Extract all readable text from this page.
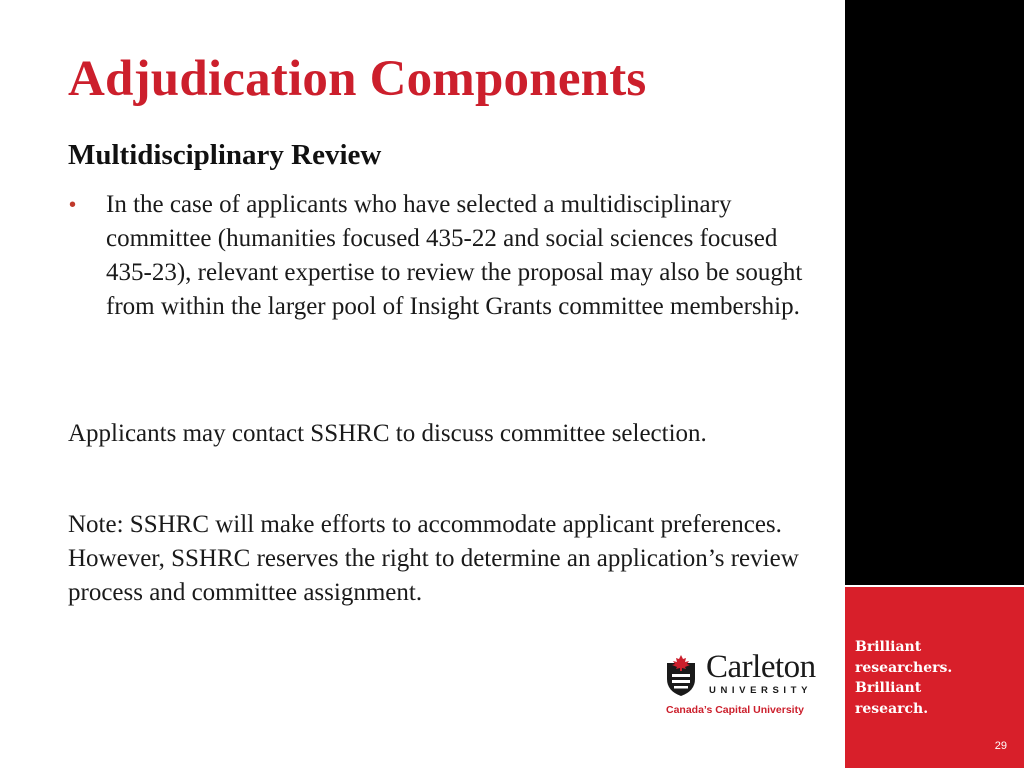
Adjudication Components
Multidisciplinary Review
•	In the case of applicants who have selected a multidisciplinary committee (humanities focused 435-22 and social sciences focused 435-23), relevant expertise to review the proposal may also be sought from within the larger pool of Insight Grants committee membership.

Applicants may contact SSHRC to discuss committee selection.

Note: SSHRC will make efforts to accommodate applicant preferences. However, SSHRC reserves the right to determine an application’s review process and committee assignment.

Carleton
UNIVERSITY
Canada’s Capital University

Brilliant
researchers.
Brilliant
research.

29
